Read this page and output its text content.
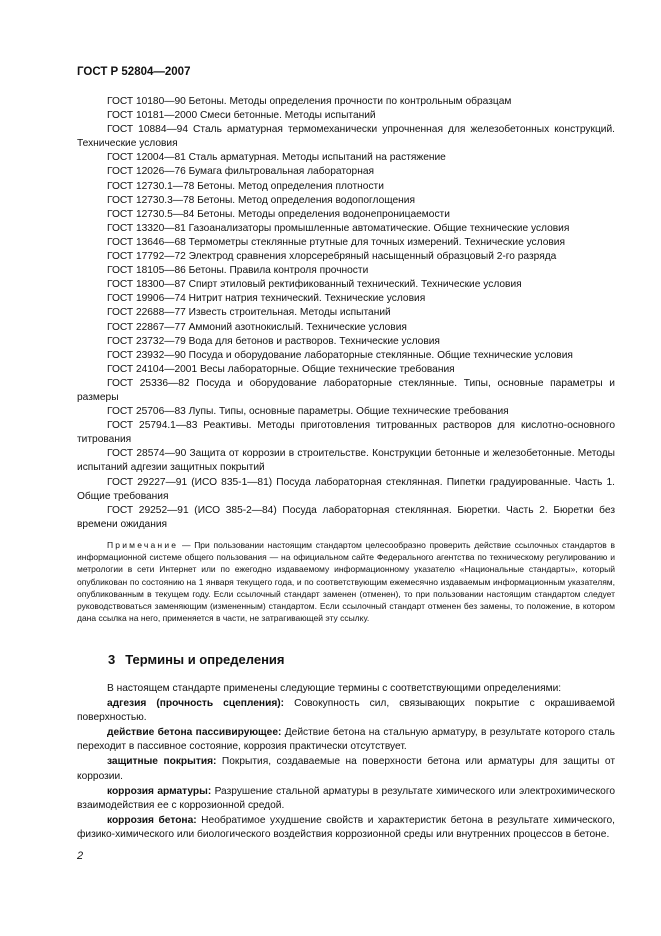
ГОСТ Р 52804—2007

ГОСТ 10180—90 Бетоны. Методы определения прочности по контрольным образцам

ГОСТ 10181—2000 Смеси бетонные. Методы испытаний

ГОСТ 10884—94 Сталь арматурная термомеханически упрочненная для железобетонных конструкций. Технические условия

ГОСТ 12004—81 Сталь арматурная. Методы испытаний на растяжение

ГОСТ 12026—76 Бумага фильтровальная лабораторная

ГОСТ 12730.1—78 Бетоны. Метод определения плотности

ГОСТ 12730.3—78 Бетоны. Метод определения водопоглощения

ГОСТ 12730.5—84 Бетоны. Методы определения водонепроницаемости

ГОСТ 13320—81 Газоанализаторы промышленные автоматические. Общие технические условия

ГОСТ 13646—68 Термометры стеклянные ртутные для точных измерений. Технические условия

ГОСТ 17792—72 Электрод сравнения хлорсеребряный насыщенный образцовый 2-го разряда

ГОСТ 18105—86 Бетоны. Правила контроля прочности

ГОСТ 18300—87 Спирт этиловый ректификованный технический. Технические условия

ГОСТ 19906—74 Нитрит натрия технический. Технические условия

ГОСТ 22688—77 Известь строительная. Методы испытаний

ГОСТ 22867—77 Аммоний азотнокислый. Технические условия

ГОСТ 23732—79 Вода для бетонов и растворов. Технические условия

ГОСТ 23932—90 Посуда и оборудование лабораторные стеклянные. Общие технические условия

ГОСТ 24104—2001 Весы лабораторные. Общие технические требования

ГОСТ 25336—82 Посуда и оборудование лабораторные стеклянные. Типы, основные параметры и размеры

ГОСТ 25706—83 Лупы. Типы, основные параметры. Общие технические требования

ГОСТ 25794.1—83 Реактивы. Методы приготовления титрованных растворов для кислотно-основного титрования

ГОСТ 28574—90 Защита от коррозии в строительстве. Конструкции бетонные и железобетонные. Методы испытаний адгезии защитных покрытий

ГОСТ 29227—91 (ИСО 835-1—81) Посуда лабораторная стеклянная. Пипетки градуированные. Часть 1. Общие требования

ГОСТ 29252—91 (ИСО 385-2—84) Посуда лабораторная стеклянная. Бюретки. Часть 2. Бюретки без времени ожидания

Примечание — При пользовании настоящим стандартом целесообразно проверить действие ссылочных стандартов в информационной системе общего пользования — на официальном сайте Федерального агентства по техническому регулированию и метрологии в сети Интернет или по ежегодно издаваемому информационному указателю «Национальные стандарты», который опубликован по состоянию на 1 января текущего года, и по соответствующим ежемесячно издаваемым информационным указателям, опубликованным в текущем году. Если ссылочный стандарт заменен (отменен), то при пользовании настоящим стандартом следует руководствоваться заменяющим (измененным) стандартом. Если ссылочный стандарт отменен без замены, то положение, в котором дана ссылка на него, применяется в части, не затрагивающей эту ссылку.

3 Термины и определения

В настоящем стандарте применены следующие термины с соответствующими определениями:

адгезия (прочность сцепления): Совокупность сил, связывающих покрытие с окрашиваемой поверхностью.

действие бетона пассивирующее: Действие бетона на стальную арматуру, в результате которого сталь переходит в пассивное состояние, коррозия практически отсутствует.

защитные покрытия: Покрытия, создаваемые на поверхности бетона или арматуры для защиты от коррозии.

коррозия арматуры: Разрушение стальной арматуры в результате химического или электрохимического взаимодействия ее с коррозионной средой.

коррозия бетона: Необратимое ухудшение свойств и характеристик бетона в результате химического, физико-химического или биологического воздействия коррозионной среды или внутренних процессов в бетоне.

2
